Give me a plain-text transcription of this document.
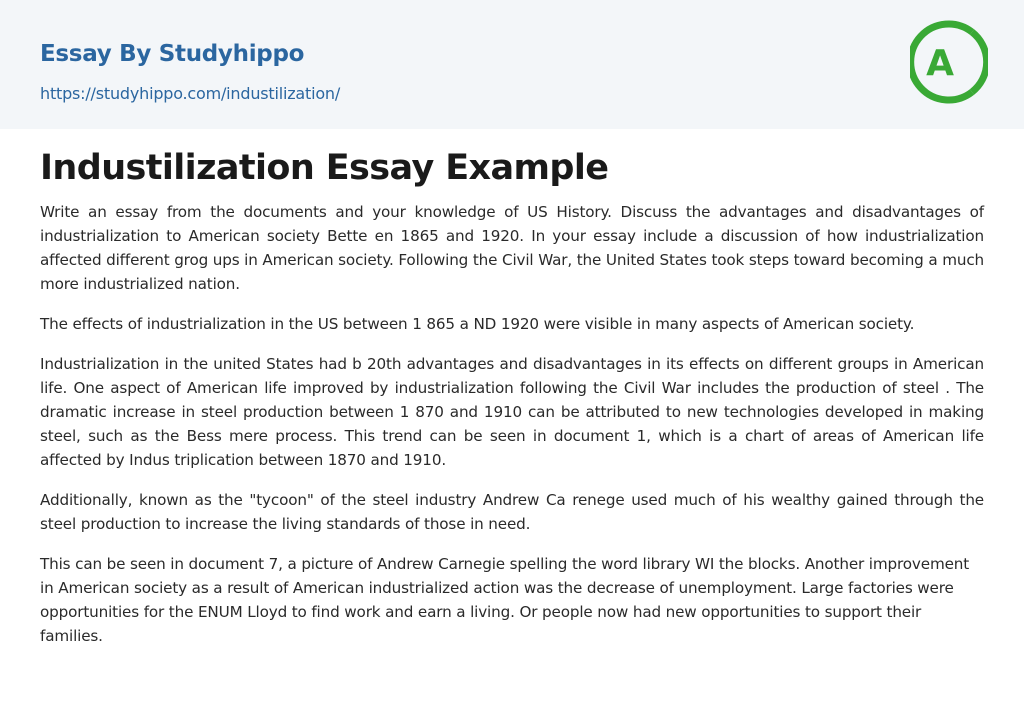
Essay By Studyhippo
https://studyhippo.com/industilization/
A
Industilization Essay Example

Write an essay from the documents and your knowledge of US History. Discuss the advantages and disadvantages of industrialization to American society Bette en 1865 and 1920. In your essay include a discussion of how industrialization affected different grog ups in American society. Following the Civil War, the United States took steps toward becoming a much more industrialized nation.

The effects of industrialization in the US between 1 865 a ND 1920 were visible in many aspects of American society.

Industrialization in the united States had b 20th advantages and disadvantages in its effects on different groups in American life. One aspect of American life improved by industrialization following the Civil War includes the production of steel . The dramatic increase in steel production between 1 870 and 1910 can be attributed to new technologies developed in making steel, such as the Bess mere process. This trend can be seen in document 1, which is a chart of areas of American life affected by Indus triplication between 1870 and 1910.

Additionally, known as the "tycoon" of the steel industry Andrew Ca renege used much of his wealthy gained through the steel production to increase the living standards of those in need.

This can be seen in document 7, a picture of Andrew Carnegie spelling the word library WI the blocks. Another improvement in American society as a result of American industrialized action was the decrease of unemployment. Large factories were opportunities for the ENUM Lloyd to find work and earn a living. Or people now had new opportunities to support their families.
